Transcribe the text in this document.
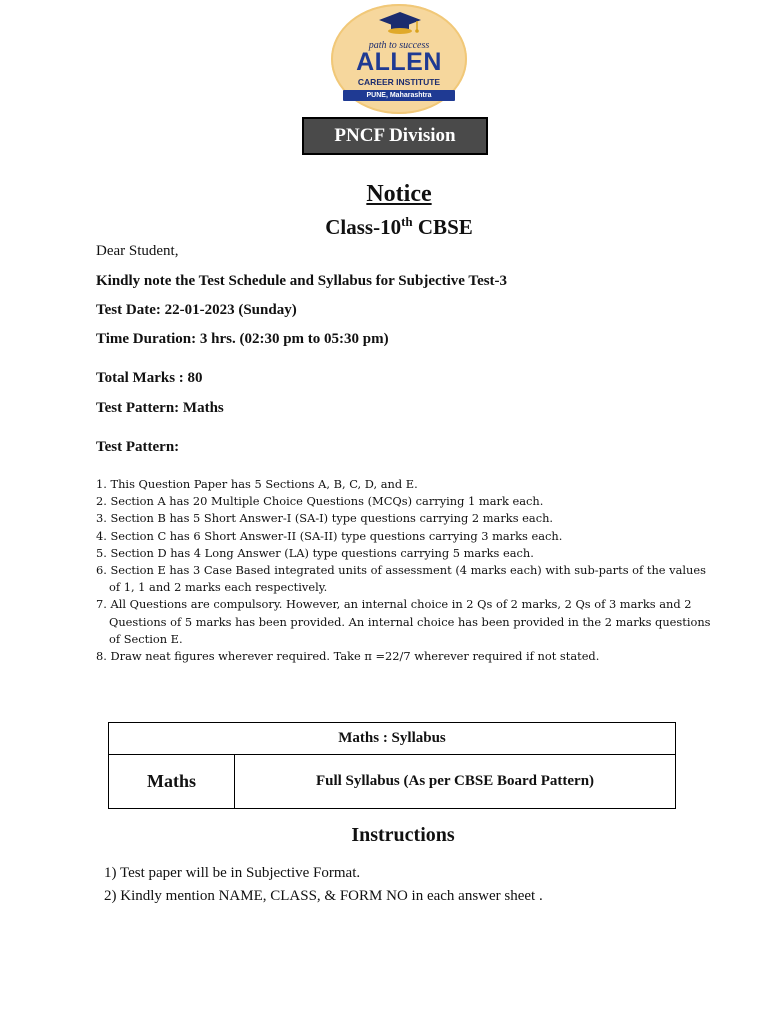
path to success
ALLEN
CAREER INSTITUTE
PUNE, Maharashtra
PNCF Division
Notice
Class-10th CBSE
Dear Student,
Kindly note the Test Schedule and Syllabus for Subjective Test-3
Test Date: 22-01-2023 (Sunday)
Time Duration: 3 hrs. (02:30 pm to 05:30 pm)
Total Marks : 80
Test Pattern: Maths
Test Pattern:
1. This Question Paper has 5 Sections A, B, C, D, and E.
2. Section A has 20 Multiple Choice Questions (MCQs) carrying 1 mark each.
3. Section B has 5 Short Answer-I (SA-I) type questions carrying 2 marks each.
4. Section C has 6 Short Answer-II (SA-II) type questions carrying 3 marks each.
5. Section D has 4 Long Answer (LA) type questions carrying 5 marks each.
6. Section E has 3 Case Based integrated units of assessment (4 marks each) with sub-parts of the values of 1, 1 and 2 marks each respectively.
7. All Questions are compulsory. However, an internal choice in 2 Qs of 2 marks, 2 Qs of 3 marks and 2 Questions of 5 marks has been provided. An internal choice has been provided in the 2 marks questions of Section E.
8. Draw neat figures wherever required. Take π =22/7 wherever required if not stated.
Maths : Syllabus
Maths	Full Syllabus (As per CBSE Board Pattern)
Instructions
1) Test paper will be in Subjective Format.
2) Kindly mention NAME, CLASS, & FORM NO in each answer sheet .
